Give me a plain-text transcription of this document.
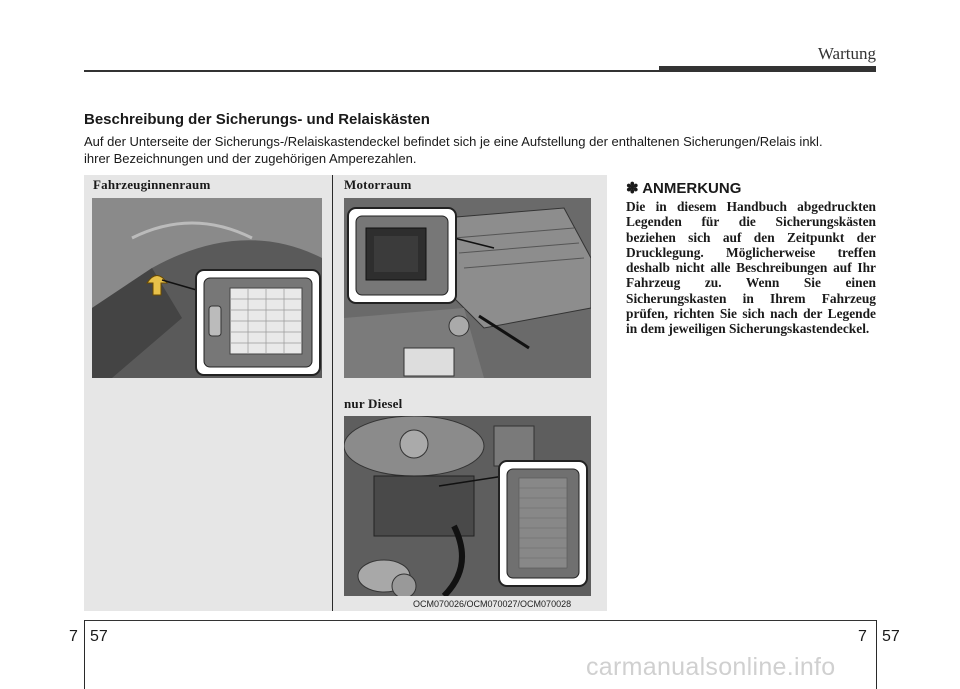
Wartung
Beschreibung der Sicherungs- und Relaiskästen
Auf der Unterseite der Sicherungs-/Relaiskastendeckel befindet sich je eine Aufstellung der enthaltenen Sicherungen/Relais inkl.
ihrer Bezeichnungen und der zugehörigen Amperezahlen.
Fahrzeuginnenraum	Motorraum
nur Diesel
OCM070026/OCM070027/OCM070028
✽ ANMERKUNG
Die in diesem Handbuch abgedruckten Legenden für die Sicherungskästen beziehen sich auf den Zeitpunkt der Drucklegung. Möglicherweise treffen deshalb nicht alle Beschreibungen auf Ihr Fahrzeug zu. Wenn Sie einen Sicherungskasten in Ihrem Fahrzeug prüfen, richten Sie sich nach der Legende in dem jeweiligen Sicherungskastendeckel.
7 57	7 57
carmanualsonline.info
